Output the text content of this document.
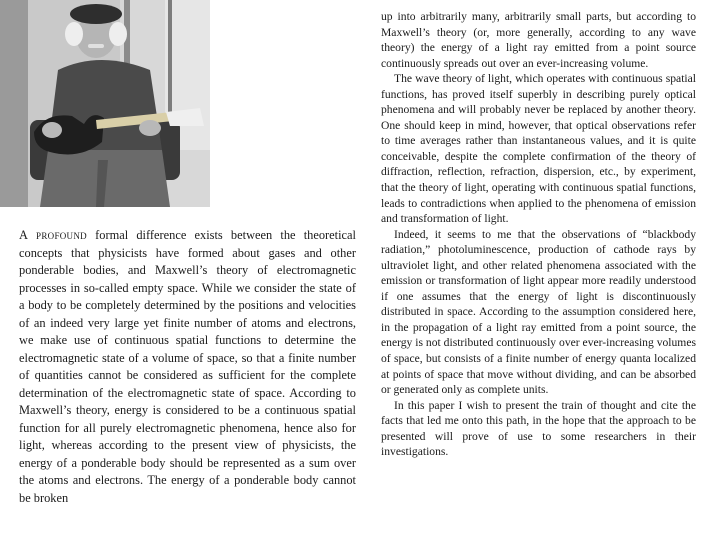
A profound formal difference exists between the theoretical concepts that physicists have formed about gases and other ponderable bodies, and Maxwell’s theory of electromagnetic processes in so-called empty space. While we consider the state of a body to be completely determined by the positions and velocities of an indeed very large yet finite number of atoms and electrons, we make use of continuous spatial functions to determine the electromagnetic state of a volume of space, so that a finite number of quantities cannot be considered as sufficient for the complete determination of the electromagnetic state of space. According to Maxwell’s theory, energy is considered to be a continuous spatial function for all purely electromagnetic phenomena, hence also for light, whereas according to the present view of physicists, the energy of a ponderable body should be represented as a sum over the atoms and electrons. The energy of a ponderable body cannot be broken

up into arbitrarily many, arbitrarily small parts, but according to Maxwell’s theory (or, more generally, according to any wave theory) the energy of a light ray emitted from a point source continuously spreads out over an ever-increasing volume.

The wave theory of light, which operates with continuous spatial functions, has proved itself superbly in describing purely optical phenomena and will probably never be replaced by another theory. One should keep in mind, however, that optical observations refer to time averages rather than instantaneous values, and it is quite conceivable, despite the complete confirmation of the theory of diffraction, reflection, refraction, dispersion, etc., by experiment, that the theory of light, operating with continuous spatial functions, leads to contradictions when applied to the phenomena of emission and transformation of light.

Indeed, it seems to me that the observations of “blackbody radiation,” photoluminescence, production of cathode rays by ultraviolet light, and other related phenomena associated with the emission or transformation of light appear more readily understood if one assumes that the energy of light is discontinuously distributed in space. According to the assumption considered here, in the propagation of a light ray emitted from a point source, the energy is not distributed continuously over ever-increasing volumes of space, but consists of a finite number of energy quanta localized at points of space that move without dividing, and can be absorbed or generated only as complete units.

In this paper I wish to present the train of thought and cite the facts that led me onto this path, in the hope that the approach to be presented will prove of use to some researchers in their investigations.
